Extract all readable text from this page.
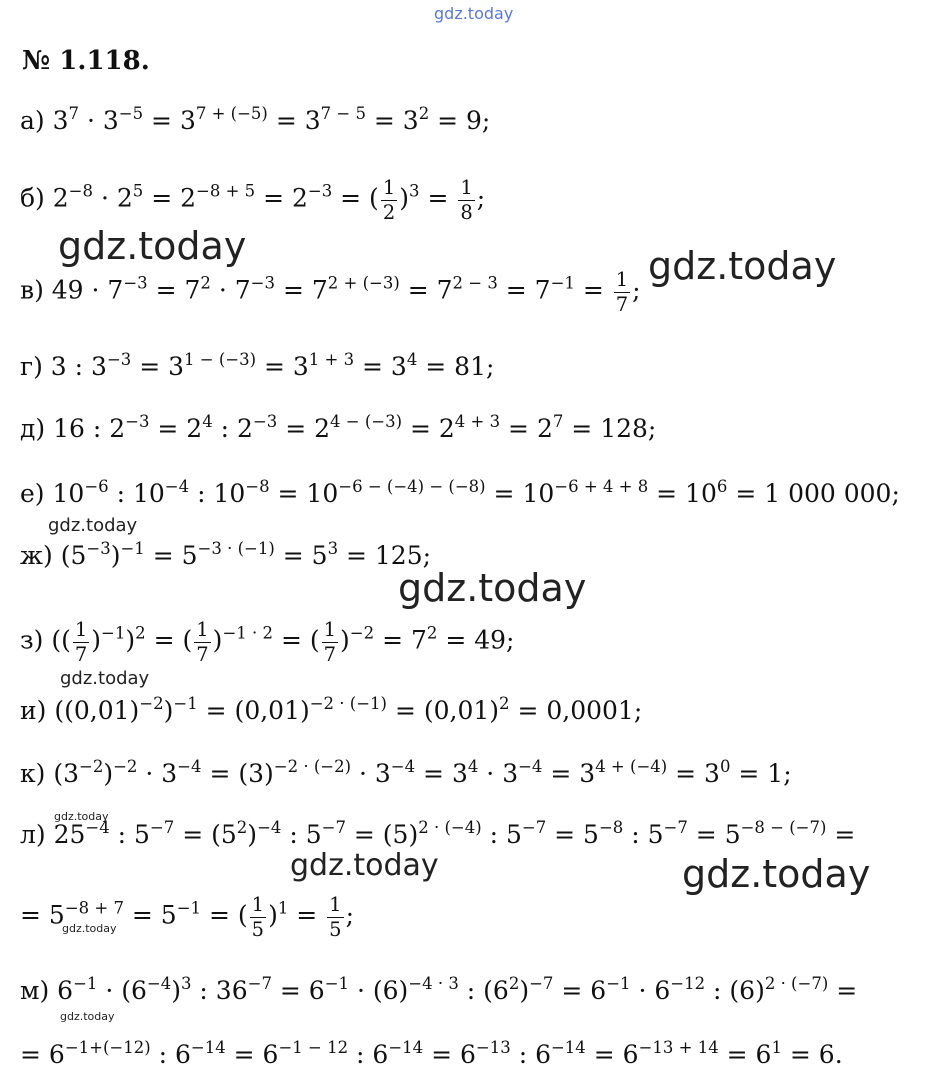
gdz.today
№ 1.118.
а) $3^7 \cdot 3^{-5} = 3^{7 + (-5)} = 3^{7 - 5} = 3^2 = 9$;
б) $2^{-8} \cdot 2^5 = 2^{-8 + 5} = 2^{-3}$ = ( $\frac{1}{2} )^3 = \frac{1}{8}$ ;
gdz.today
в) $49 \cdot 7^{-3} = 7^2 \cdot 7^{-3} = 7^{2 + (-3)} = 7^{2 - 3} = 7^{-1} = \frac{1}{7}$ ;
gdz.today
г) 3 : $3^{-3} = 3^{1 - (-3)} = 3^{1 + 3} = 3^4 = 81$;
д) 16 : $2^{-3} = 2^4$ : $2^{-3} = 2^{4 - (-3)} = 2^{4 + 3} = 2^7 = 128$;
е) $10^{-6}$ : $10^{-4}$ : $10^{-8} = 10^{-6 - (-4) - (-8)} = 10^{-6 + 4 + 8} = 10^6 = 1$ 000 000;
gdz.today
ж) $(5^{-3})^{-1} = 5^{-3 \cdot (-1)} = 5^3 = 125$;
gdz.today
з) (( $\frac{1}{7} )^{-1})^2$ = ( $\frac{1}{7} )^{-1 \cdot 2}$ = ( $\frac{1}{7} )^{-2} = 7^2 = 49$;
gdz.today
и) $((0,01)^{-2})^{-1} = (0,01)^{-2 \cdot (-1)} = (0,01)^2 = 0,0001$;
к) $(3^{-2})^{-2} \cdot 3^{-4} = (3)^{-2 \cdot (-2)} \cdot 3^{-4} = 3^4 \cdot 3^{-4} = 3^{4 + (-4)} = 3^0 = 1$;
gdz.today
л) $25^{-4}$ : $5^{-7} = (5^2)^{-4}$ : $5^{-7} = (5)^{2 \cdot (-4)}$ : $5^{-7} = 5^{-8}$ : $5^{-7} = 5^{-8 - (-7)}$ =
gdz.today	gdz.today
= $5^{-8 + 7} = 5^{-1}$ = ( $\frac{1}{5} )^1 = \frac{1}{5}$ ;
gdz.today
м) $6^{-1} \cdot (6^{-4})^3$ : $36^{-7} = 6^{-1} \cdot (6)^{-4 \cdot 3}$ : $(6^2)^{-7} = 6^{-1} \cdot 6^{-12}$ : $(6)^{2 \cdot (-7)}$ =
gdz.today
= $6^{-1+(-12)}$ : $6^{-14} = 6^{-1 - 12}$ : $6^{-14} = 6^{-13}$ : $6^{-14} = 6^{-13 + 14} = 6^1 = 6$.
